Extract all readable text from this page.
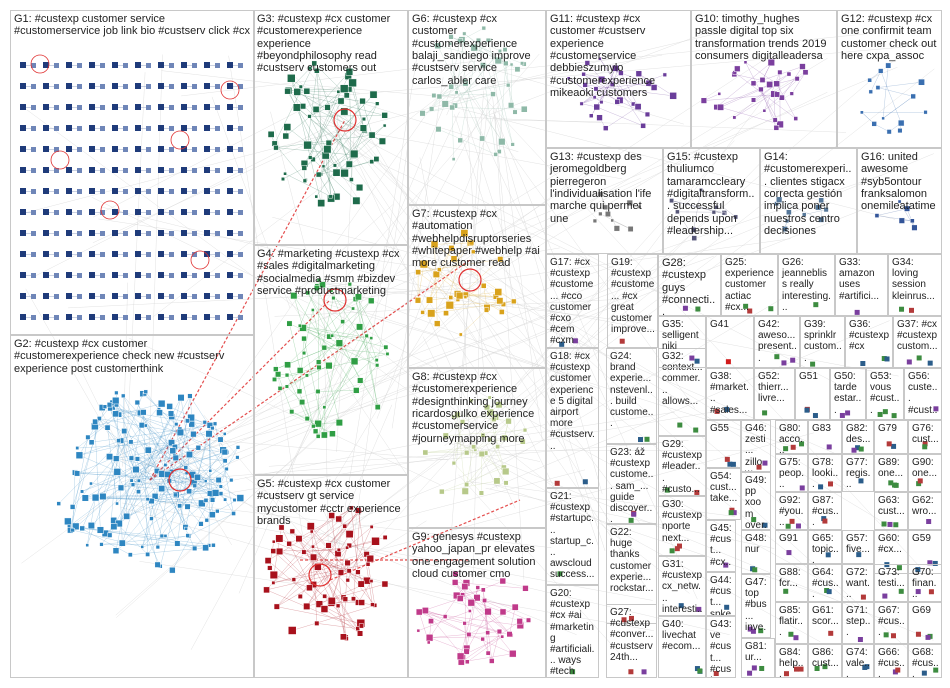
G1: #custexp customer service #customerservice job link bio #custserv click #cx
G2: #custexp #cx customer #customerexperience check new #custserv experience post customerthink
G3: #custexp #cx customer #customerexperience experience #beyondphilosophy read #custserv customers out
G4: #marketing #custexp #cx #sales #digitalmarketing #socialmedia #smm #bizdev service #productmarketing
G5: #custexp #cx customer #custserv gt service mycustomer #cctr experience brands
G6: #custexp #cx customer #customerexperience balaji_sandiego improve #custserv service carlos_abler care
G7: #custexp #cx #automation #webhelpdisruptorseries #whitepaper #webhelp #ai more customer read
G8: #custexp #cx #customerexperience #designthinking journey ricardosgulko experience #customerservice #journeymapping more
G9: genesys #custexp yahoo_japan_pr elevates one engagement solution cloud customer cmo
G10: timothy_hughes passle digital top six transformation trends 2019 consumers digitalleadersa
G11: #custexp #cx customer #custserv experience #customerservice debbieszumylo #customerexperience mikeaoki customers
G12: #custexp #cx one confirmit team customer check out here cxpa_assoc
G13: #custexp des jeromegoldberg pierregeron l'individualisation l'ife marche qui permet une
G14: #customerexperi... clientes stigacx correcta gestión implica poner nuestros centro decisiones
G15: #custexp thuliumco tamaramccleary #digitaltransform... successful depends upon #leadership...
G16: united awesome #syb5ontour franksalomon onemileatatime
G17: #cx #custexp #custome... #cco customer #cxo #cem #cxm
G18: #cx #custexp customer experience 5 digital airport more #custserv...
G19: #custexp #custome... #cx great customer improve...
G20: #custexp #cx #ai #marketing #artificiali... ways #tech
G21: #custexp #startupc... startup_c... awscloud success...
G22: huge thanks customer experie... rockstar...
G23: áž #custexp custome... sam_... guide discover...
G24: brand experie... nstevenl... build custome...
G25: experience customer actiac #cx...
G26: jeannebliss really interesting...
G27: #custexp #conver... #custserv 24th...
G28: #custexp guys #connecti...
G29: #custexp #leader... #custo...
G30: #custexp nporte next...
G31: #custexp cx_netw... interesti..
G32: context... commer... allows...
G33: amazon uses #artifici...
G34: loving session kleinrus...
G35: selligent niki
G36: #custexp #cx
G37: #cx #custexp custom...
G38: #market... #sales...
G39: sprinklr custom...
G40: livechat #ecom...
G41	G42: aweso... present...
G43: ve #cust... #cus
G44: #cust... spke
G45: #cust... #cx..
G46: zesti... zillo
G47: top #bus... inve.
G48: nur
G49: pp xoom over.
G50: tarde estar...
G51
G52: thierr... livre...
G53: vous #cust...
G54: cust... take...
G55
G56: custe... #cust..
G57: five...
G59
G60: #cx...
G61: scor...
G62: wro...
G63: cust...
G64: #cus...
G65: topic...
G66: #cus...
G67: #cus...
G68: #cus...
G69
G70: finan...
G71: step...
G72: want...
G73: testi...
G74: vale...
G75: peop...
G76: cust...
G77: regis...
G78: looki...
G79
G80: acco...
G81: ur...
G82: des...
G83
G84: help...
G85: flatir...
G86: cust...
G87: #cus...
G88: fcr...
G89: one...
G90: one...
G91
G92: #you...
